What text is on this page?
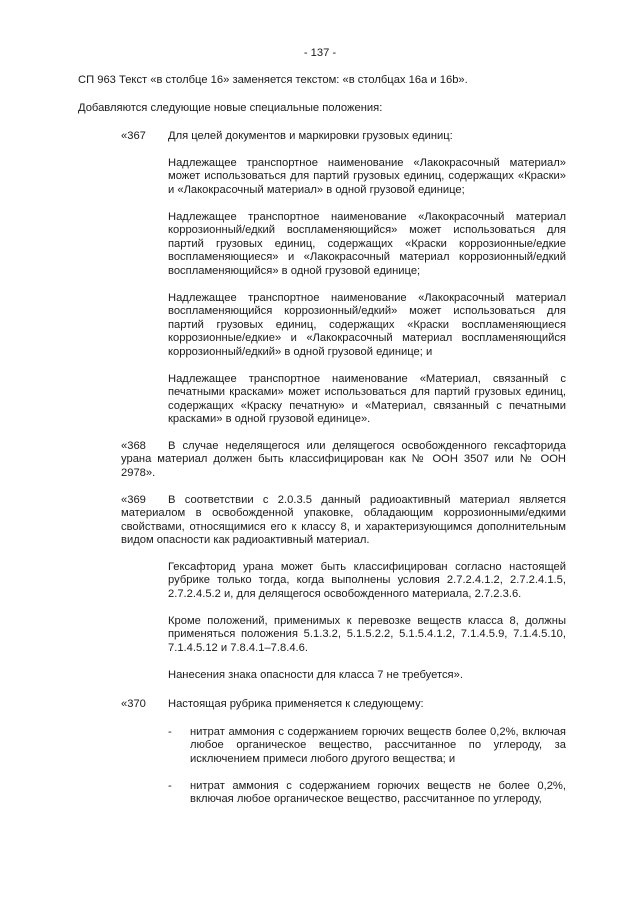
- 137 -
СП 963 Текст «в столбце 16» заменяется текстом: «в столбцах 16a и 16b».
Добавляются следующие новые специальные положения:
«367 Для целей документов и маркировки грузовых единиц:

Надлежащее транспортное наименование «Лакокрасочный материал» может использоваться для партий грузовых единиц, содержащих «Краски» и «Лакокрасочный материал» в одной грузовой единице;

Надлежащее транспортное наименование «Лакокрасочный материал коррозионный/едкий воспламеняющийся» может использоваться для партий грузовых единиц, содержащих «Краски коррозионные/едкие воспламеняющиеся» и «Лакокрасочный материал коррозионный/едкий воспламеняющийся» в одной грузовой единице;

Надлежащее транспортное наименование «Лакокрасочный материал воспламеняющийся коррозионный/едкий» может использоваться для партий грузовых единиц, содержащих «Краски воспламеняющиеся коррозионные/едкие» и «Лакокрасочный материал воспламеняющийся коррозионный/едкий» в одной грузовой единице; и

Надлежащее транспортное наименование «Материал, связанный с печатными красками» может использоваться для партий грузовых единиц, содержащих «Краску печатную» и «Материал, связанный с печатными красками» в одной грузовой единице».

«368 В случае неделящегося или делящегося освобожденного гексафторида урана материал должен быть классифицирован как № ООН 3507 или № ООН 2978».

«369 В соответствии с 2.0.3.5 данный радиоактивный материал является материалом в освобожденной упаковке, обладающим коррозионными/едкими свойствами, относящимися его к классу 8, и характеризующимся дополнительным видом опасности как радиоактивный материал.

Гексафторид урана может быть классифицирован согласно настоящей рубрике только тогда, когда выполнены условия 2.7.2.4.1.2, 2.7.2.4.1.5, 2.7.2.4.5.2 и, для делящегося освобожденного материала, 2.7.2.3.6.

Кроме положений, применимых к перевозке веществ класса 8, должны применяться положения 5.1.3.2, 5.1.5.2.2, 5.1.5.4.1.2, 7.1.4.5.9, 7.1.4.5.10, 7.1.4.5.12 и 7.8.4.1–7.8.4.6.

Нанесения знака опасности для класса 7 не требуется».

«370 Настоящая рубрика применяется к следующему:
- нитрат аммония с содержанием горючих веществ более 0,2%, включая любое органическое вещество, рассчитанное по углероду, за исключением примеси любого другого вещества; и

- нитрат аммония с содержанием горючих веществ не более 0,2%, включая любое органическое вещество, рассчитанное по углероду,
